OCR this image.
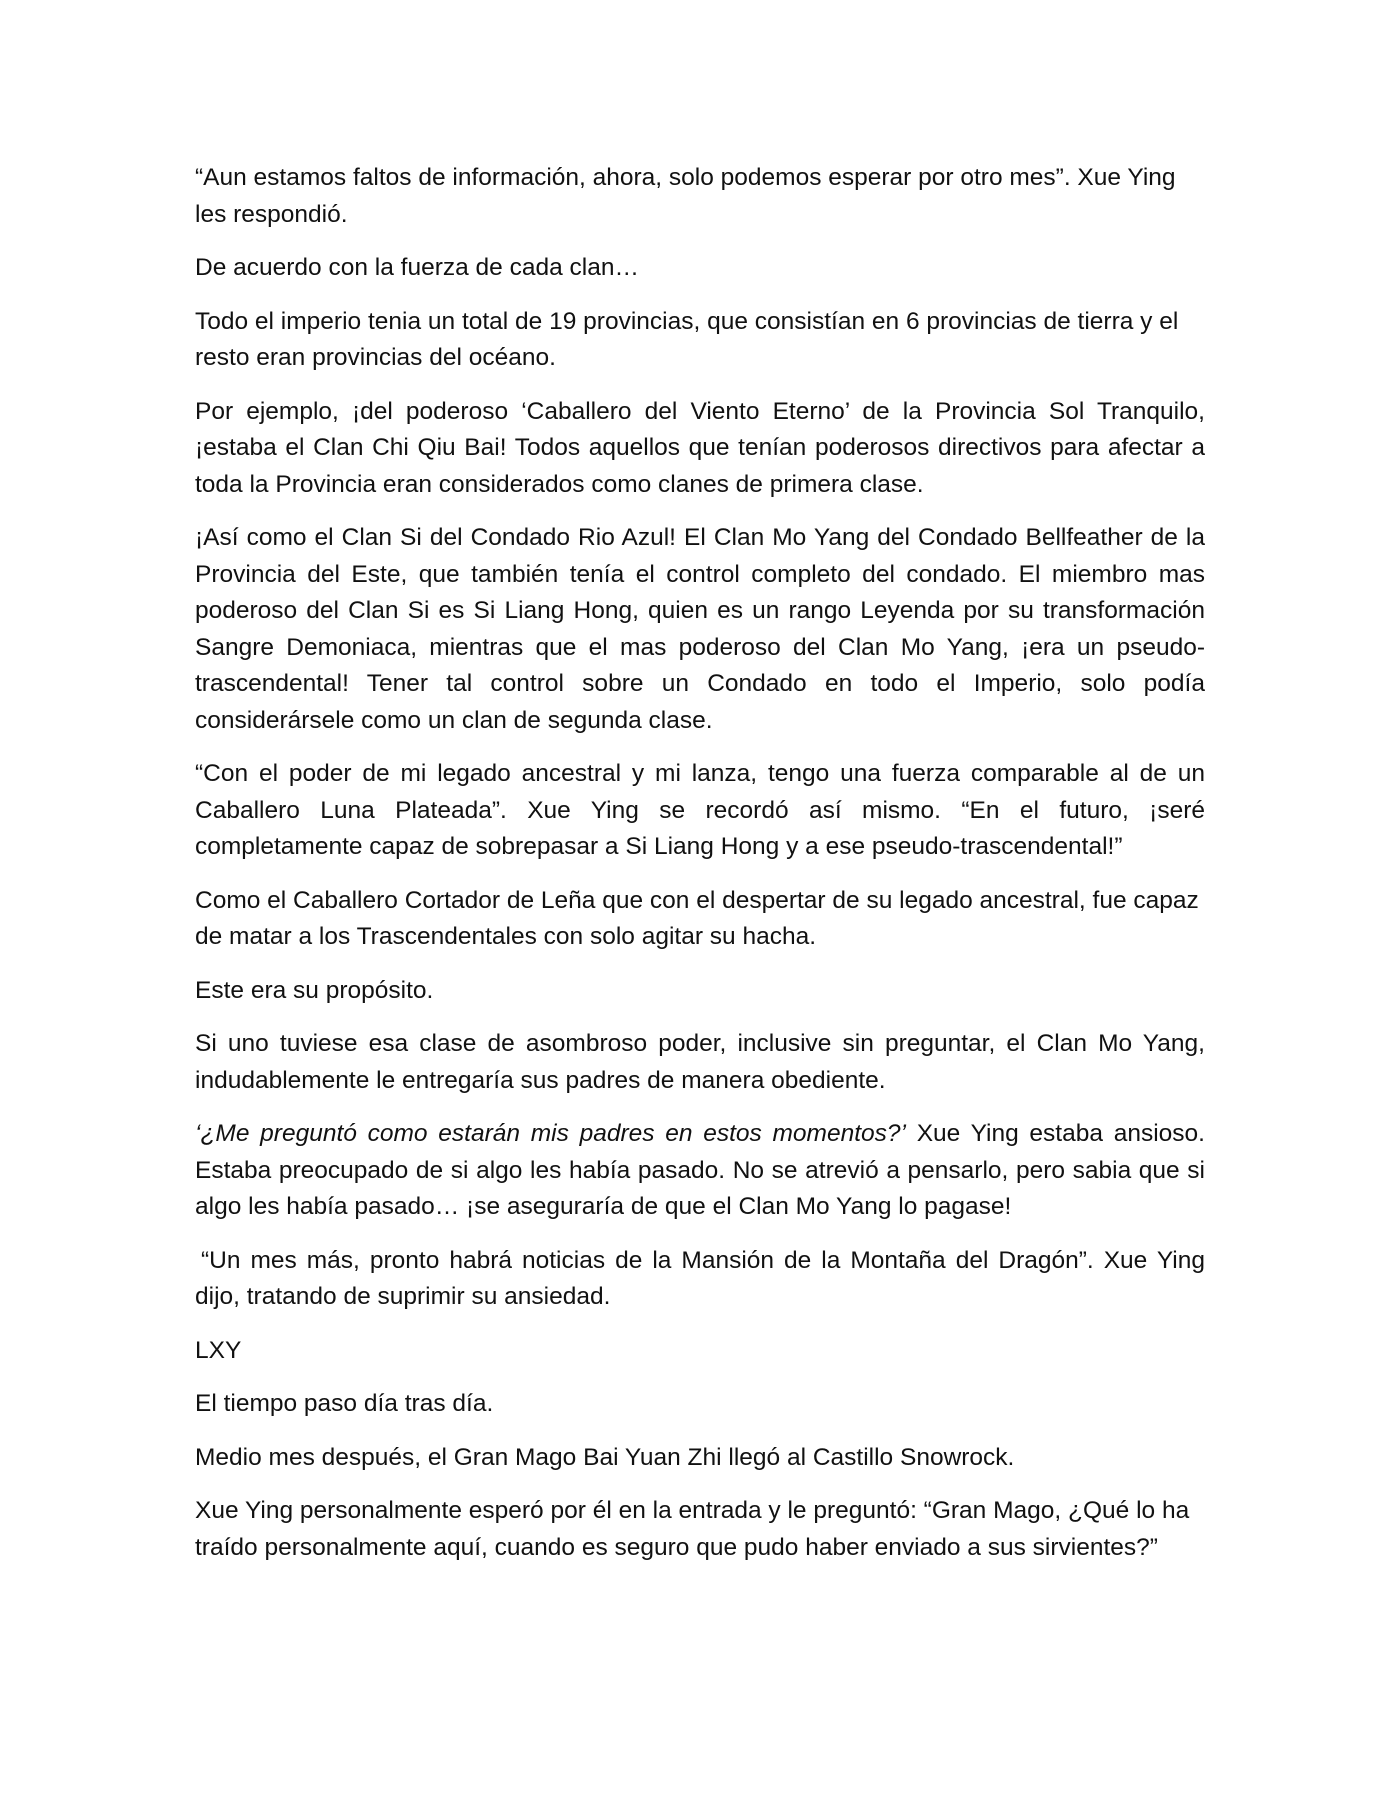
“Aun estamos faltos de información, ahora, solo podemos esperar por otro mes”. Xue Ying les respondió.

De acuerdo con la fuerza de cada clan…

Todo el imperio tenia un total de 19 provincias, que consistían en 6 provincias de tierra y el resto eran provincias del océano.

Por ejemplo, ¡del poderoso ‘Caballero del Viento Eterno’ de la Provincia Sol Tranquilo, ¡estaba el Clan Chi Qiu Bai! Todos aquellos que tenían poderosos directivos para afectar a toda la Provincia eran considerados como clanes de primera clase.

¡Así como el Clan Si del Condado Rio Azul! El Clan Mo Yang del Condado Bellfeather de la Provincia del Este, que también tenía el control completo del condado. El miembro mas poderoso del Clan Si es Si Liang Hong, quien es un rango Leyenda por su transformación Sangre Demoniaca, mientras que el mas poderoso del Clan Mo Yang, ¡era un pseudo-trascendental! Tener tal control sobre un Condado en todo el Imperio, solo podía considerársele como un clan de segunda clase.

“Con el poder de mi legado ancestral y mi lanza, tengo una fuerza comparable al de un Caballero Luna Plateada”. Xue Ying se recordó así mismo. “En el futuro, ¡seré completamente capaz de sobrepasar a Si Liang Hong y a ese pseudo-trascendental!”

Como el Caballero Cortador de Leña que con el despertar de su legado ancestral, fue capaz de matar a los Trascendentales con solo agitar su hacha.

Este era su propósito.

Si uno tuviese esa clase de asombroso poder, inclusive sin preguntar, el Clan Mo Yang, indudablemente le entregaría sus padres de manera obediente.

‘¿Me preguntó como estarán mis padres en estos momentos?’ Xue Ying estaba ansioso. Estaba preocupado de si algo les había pasado. No se atrevió a pensarlo, pero sabia que si algo les había pasado… ¡se aseguraría de que el Clan Mo Yang lo pagase!

“Un mes más, pronto habrá noticias de la Mansión de la Montaña del Dragón”. Xue Ying dijo, tratando de suprimir su ansiedad.

LXY

El tiempo paso día tras día.

Medio mes después, el Gran Mago Bai Yuan Zhi llegó al Castillo Snowrock.

Xue Ying personalmente esperó por él en la entrada y le preguntó: “Gran Mago, ¿Qué lo ha traído personalmente aquí, cuando es seguro que pudo haber enviado a sus sirvientes?”
